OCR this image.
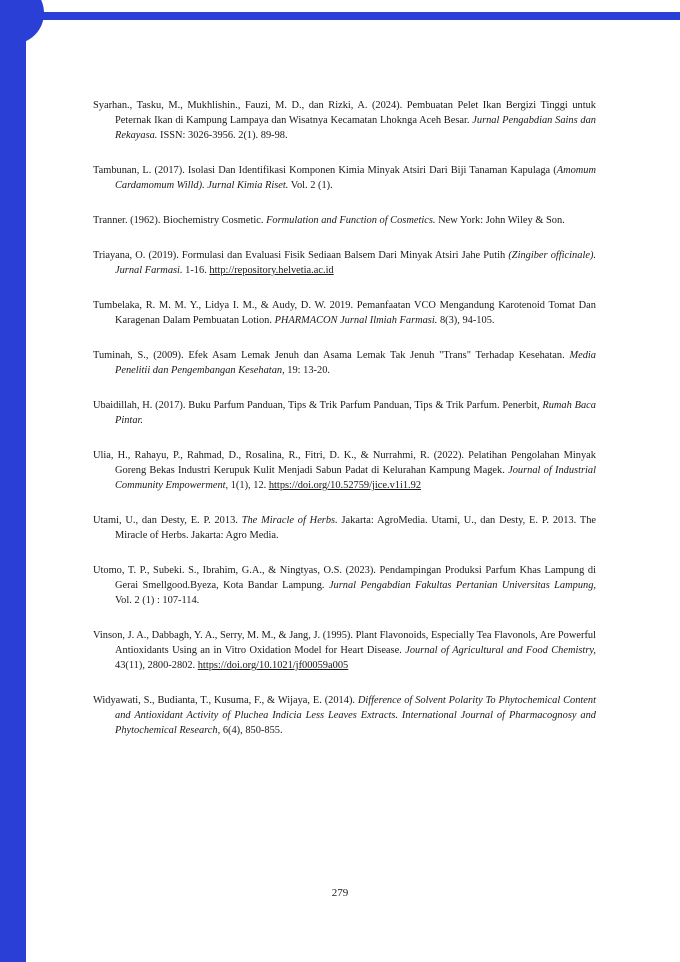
Syarhan., Tasku, M., Mukhlishin., Fauzi, M. D., dan Rizki, A. (2024). Pembuatan Pelet Ikan Bergizi Tinggi untuk Peternak Ikan di Kampung Lampaya dan Wisatnya Kecamatan Lhoknga Aceh Besar. Jurnal Pengabdian Sains dan Rekayasa. ISSN: 3026-3956. 2(1). 89-98.

Tambunan, L. (2017). Isolasi Dan Identifikasi Komponen Kimia Minyak Atsiri Dari Biji Tanaman Kapulaga (Amomum Cardamomum Willd). Jurnal Kimia Riset. Vol. 2 (1).

Tranner. (1962). Biochemistry Cosmetic. Formulation and Function of Cosmetics. New York: John Wiley & Son.

Triayana, O. (2019). Formulasi dan Evaluasi Fisik Sediaan Balsem Dari Minyak Atsiri Jahe Putih (Zingiber officinale). Jurnal Farmasi. 1-16. http://repository.helvetia.ac.id

Tumbelaka, R. M. M. Y., Lidya I. M., & Audy, D. W. 2019. Pemanfaatan VCO Mengandung Karotenoid Tomat Dan Karagenan Dalam Pembuatan Lotion. PHARMACON Jurnal Ilmiah Farmasi. 8(3), 94-105.

Tuminah, S., (2009). Efek Asam Lemak Jenuh dan Asama Lemak Tak Jenuh "Trans" Terhadap Kesehatan. Media Penelitii dan Pengembangan Kesehatan, 19: 13-20.

Ubaidillah, H. (2017). Buku Parfum Panduan, Tips & Trik Parfum Panduan, Tips & Trik Parfum. Penerbit, Rumah Baca Pintar.

Ulia, H., Rahayu, P., Rahmad, D., Rosalina, R., Fitri, D. K., & Nurrahmi, R. (2022). Pelatihan Pengolahan Minyak Goreng Bekas Industri Kerupuk Kulit Menjadi Sabun Padat di Kelurahan Kampung Magek. Journal of Industrial Community Empowerment, 1(1), 12. https://doi.org/10.52759/jice.v1i1.92

Utami, U., dan Desty, E. P. 2013. The Miracle of Herbs. Jakarta: AgroMedia. Utami, U., dan Desty, E. P. 2013. The Miracle of Herbs. Jakarta: Agro Media.

Utomo, T. P., Subeki. S., Ibrahim, G.A., & Ningtyas, O.S. (2023). Pendampingan Produksi Parfum Khas Lampung di Gerai Smellgood.Byeza, Kota Bandar Lampung. Jurnal Pengabdian Fakultas Pertanian Universitas Lampung, Vol. 2 (1) : 107-114.

Vinson, J. A., Dabbagh, Y. A., Serry, M. M., & Jang, J. (1995). Plant Flavonoids, Especially Tea Flavonols, Are Powerful Antioxidants Using an in Vitro Oxidation Model for Heart Disease. Journal of Agricultural and Food Chemistry, 43(11), 2800-2802. https://doi.org/10.1021/jf00059a005

Widyawati, S., Budianta, T., Kusuma, F., & Wijaya, E. (2014). Difference of Solvent Polarity To Phytochemical Content and Antioxidant Activity of Pluchea Indicia Less Leaves Extracts. International Journal of Pharmacognosy and Phytochemical Research, 6(4), 850-855.

279
